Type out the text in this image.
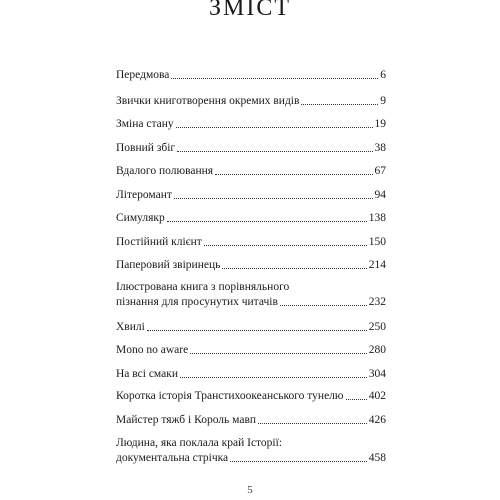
ЗМІСТ
Передмова	6
Звички книготворення окремих видів	9
Зміна стану	19
Повний збіг	38
Вдалого полювання	67
Літеромант	94
Симулякр	138
Постійний клієнт	150
Паперовий звіринець	214
Ілюстрована книга з порівняльного
пізнання для просунутих читачів	232
Хвилі	250
Mono no aware	280
На всі смаки	304
Коротка історія Транстихоокеанського тунелю 402
Майстер тяжб і Король мавп	426
Людина, яка поклала край Історії:
документальна стрічка	458
5
